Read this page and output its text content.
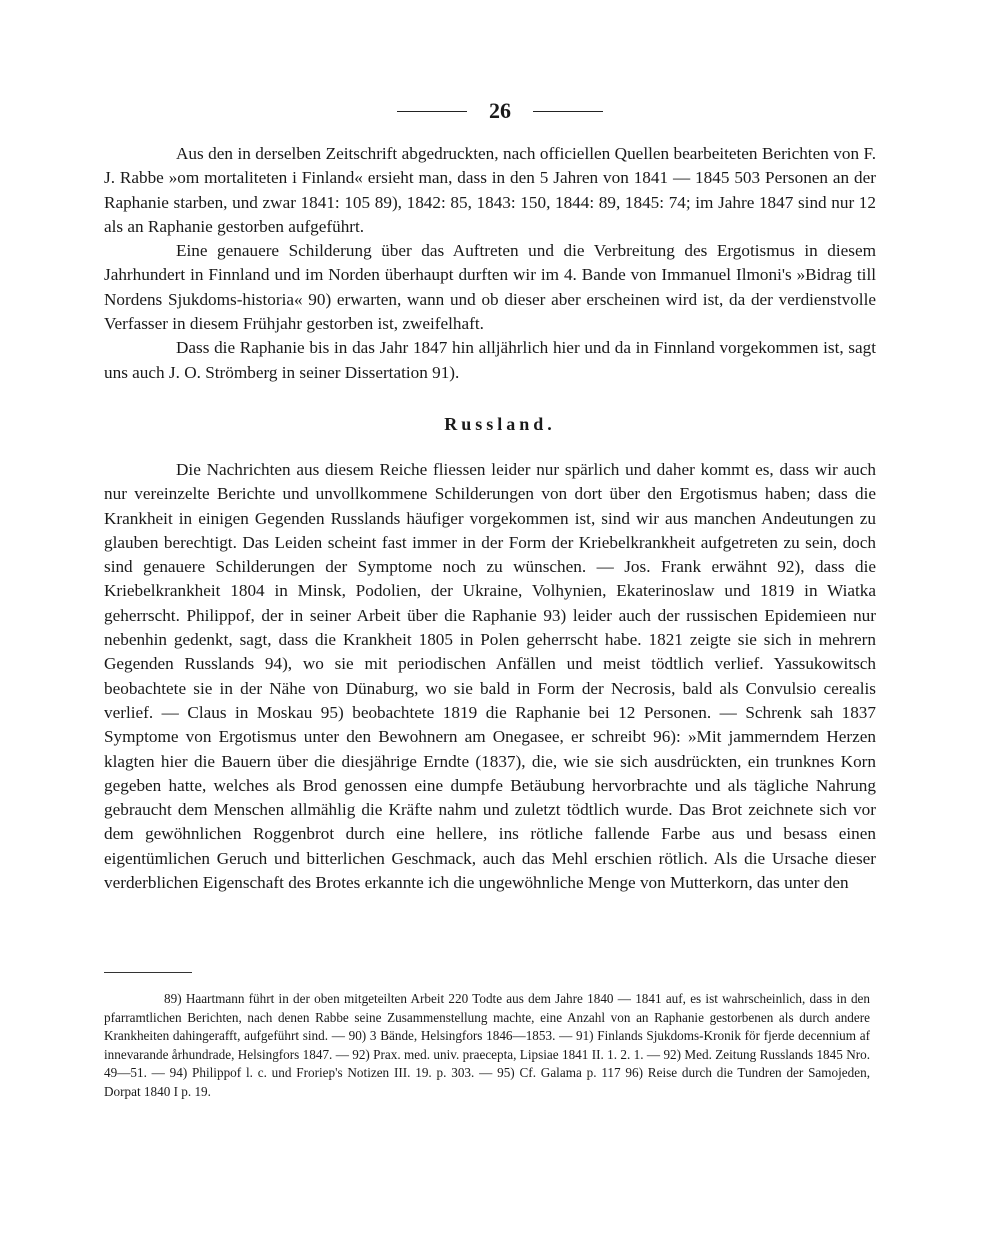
26

Aus den in derselben Zeitschrift abgedruckten, nach officiellen Quellen bearbeiteten Berichten von F. J. Rabbe »om mortaliteten i Finland« ersieht man, dass in den 5 Jahren von 1841 — 1845 503 Personen an der Raphanie starben, und zwar 1841: 105 89), 1842: 85, 1843: 150, 1844: 89, 1845: 74; im Jahre 1847 sind nur 12 als an Raphanie gestorben aufgeführt.

Eine genauere Schilderung über das Auftreten und die Verbreitung des Ergotismus in diesem Jahrhundert in Finnland und im Norden überhaupt durften wir im 4. Bande von Immanuel Ilmoni's »Bidrag till Nordens Sjukdoms-historia« 90) erwarten, wann und ob dieser aber erscheinen wird ist, da der verdienstvolle Verfasser in diesem Frühjahr gestorben ist, zweifelhaft.

Dass die Raphanie bis in das Jahr 1847 hin alljährlich hier und da in Finnland vorgekommen ist, sagt uns auch J. O. Strömberg in seiner Dissertation 91).

Russland.

Die Nachrichten aus diesem Reiche fliessen leider nur spärlich und daher kommt es, dass wir auch nur vereinzelte Berichte und unvollkommene Schilderungen von dort über den Ergotismus haben; dass die Krankheit in einigen Gegenden Russlands häufiger vorgekommen ist, sind wir aus manchen Andeutungen zu glauben berechtigt. Das Leiden scheint fast immer in der Form der Kriebelkrankheit aufgetreten zu sein, doch sind genauere Schilderungen der Symptome noch zu wünschen. — Jos. Frank erwähnt 92), dass die Kriebelkrankheit 1804 in Minsk, Podolien, der Ukraine, Volhynien, Ekaterinoslaw und 1819 in Wiatka geherrscht. Philippof, der in seiner Arbeit über die Raphanie 93) leider auch der russischen Epidemieen nur nebenhin gedenkt, sagt, dass die Krankheit 1805 in Polen geherrscht habe. 1821 zeigte sie sich in mehrern Gegenden Russlands 94), wo sie mit periodischen Anfällen und meist tödtlich verlief. Yassukowitsch beobachtete sie in der Nähe von Dünaburg, wo sie bald in Form der Necrosis, bald als Convulsio cerealis verlief. — Claus in Moskau 95) beobachtete 1819 die Raphanie bei 12 Personen. — Schrenk sah 1837 Symptome von Ergotismus unter den Bewohnern am Onegasee, er schreibt 96): »Mit jammerndem Herzen klagten hier die Bauern über die diesjährige Erndte (1837), die, wie sie sich ausdrückten, ein trunknes Korn gegeben hatte, welches als Brod genossen eine dumpfe Betäubung hervorbrachte und als tägliche Nahrung gebraucht dem Menschen allmählig die Kräfte nahm und zuletzt tödtlich wurde. Das Brot zeichnete sich vor dem gewöhnlichen Roggenbrot durch eine hellere, ins rötliche fallende Farbe aus und besass einen eigentümlichen Geruch und bitterlichen Geschmack, auch das Mehl erschien rötlich. Als die Ursache dieser verderblichen Eigenschaft des Brotes erkannte ich die ungewöhnliche Menge von Mutterkorn, das unter den

89) Haartmann führt in der oben mitgeteilten Arbeit 220 Todte aus dem Jahre 1840 — 1841 auf, es ist wahrscheinlich, dass in den pfarramtlichen Berichten, nach denen Rabbe seine Zusammenstellung machte, eine Anzahl von an Raphanie gestorbenen als durch andere Krankheiten dahingerafft, aufgeführt sind. — 90) 3 Bände, Helsingfors 1846—1853. — 91) Finlands Sjukdoms-Kronik för fjerde decennium af innevarande århundrade, Helsingfors 1847. — 92) Prax. med. univ. praecepta, Lipsiae 1841 II. 1. 2. 1. — 92) Med. Zeitung Russlands 1845 Nro. 49—51. — 94) Philippof l. c. und Froriep's Notizen III. 19. p. 303. — 95) Cf. Galama p. 117 96) Reise durch die Tundren der Samojeden, Dorpat 1840 I p. 19.
